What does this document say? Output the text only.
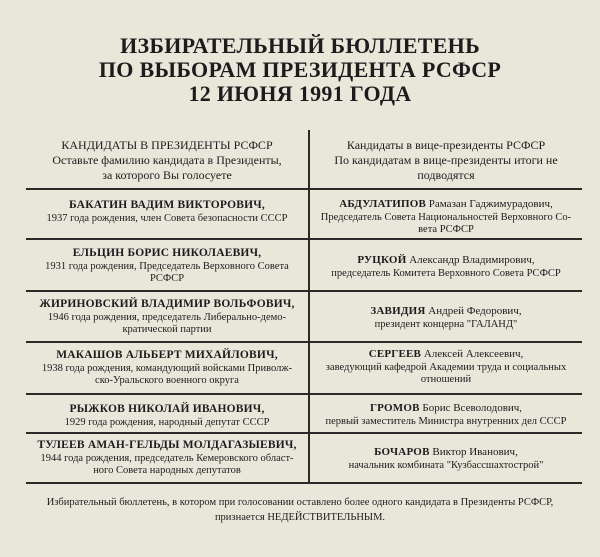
ИЗБИРАТЕЛЬНЫЙ БЮЛЛЕТЕНЬ
ПО ВЫБОРАМ ПРЕЗИДЕНТА РСФСР
12 ИЮНЯ 1991 ГОДА
КАНДИДАТЫ В ПРЕЗИДЕНТЫ РСФСР
Оставьте фамилию кандидата в Президенты,
за которого Вы голосуете
Кандидаты в вице-президенты РСФСР
По кандидатам в вице-президенты итоги не
подводятся
БАКАТИН ВАДИМ ВИКТОРОВИЧ,
1937 года рождения, член Совета безопасности СССР
АБДУЛАТИПОВ Рамазан Гаджимурадович,
Председатель Совета Национальностей Верховного Со-
вета РСФСР
ЕЛЬЦИН БОРИС НИКОЛАЕВИЧ,
1931 года рождения, Председатель Верховного Совета
РСФСР
РУЦКОЙ Александр Владимирович,
председатель Комитета Верховного Совета РСФСР
ЖИРИНОВСКИЙ ВЛАДИМИР ВОЛЬФОВИЧ,
1946 года рождения, председатель Либерально-демо-
кратической партии
ЗАВИДИЯ Андрей Федорович,
президент концерна "ГАЛАНД"
МАКАШОВ АЛЬБЕРТ МИХАЙЛОВИЧ,
1938 года рождения, командующий войсками Приволж-
ско-Уральского военного округа
СЕРГЕЕВ Алексей Алексеевич,
заведующий кафедрой Академии труда и социальных
отношений
РЫЖКОВ НИКОЛАЙ ИВАНОВИЧ,
1929 года рождения, народный депутат СССР
ГРОМОВ Борис Всеволодович,
первый заместитель Министра внутренних дел СССР
ТУЛЕЕВ АМАН-ГЕЛЬДЫ МОЛДАГАЗЫЕВИЧ,
1944 года рождения, председатель Кемеровского област-
ного Совета народных депутатов
БОЧАРОВ Виктор Иванович,
начальник комбината "Кузбассшахтострой"
Избирательный бюллетень, в котором при голосовании оставлено более одного кандидата в Президенты РСФСР,
признается НЕДЕЙСТВИТЕЛЬНЫМ.
